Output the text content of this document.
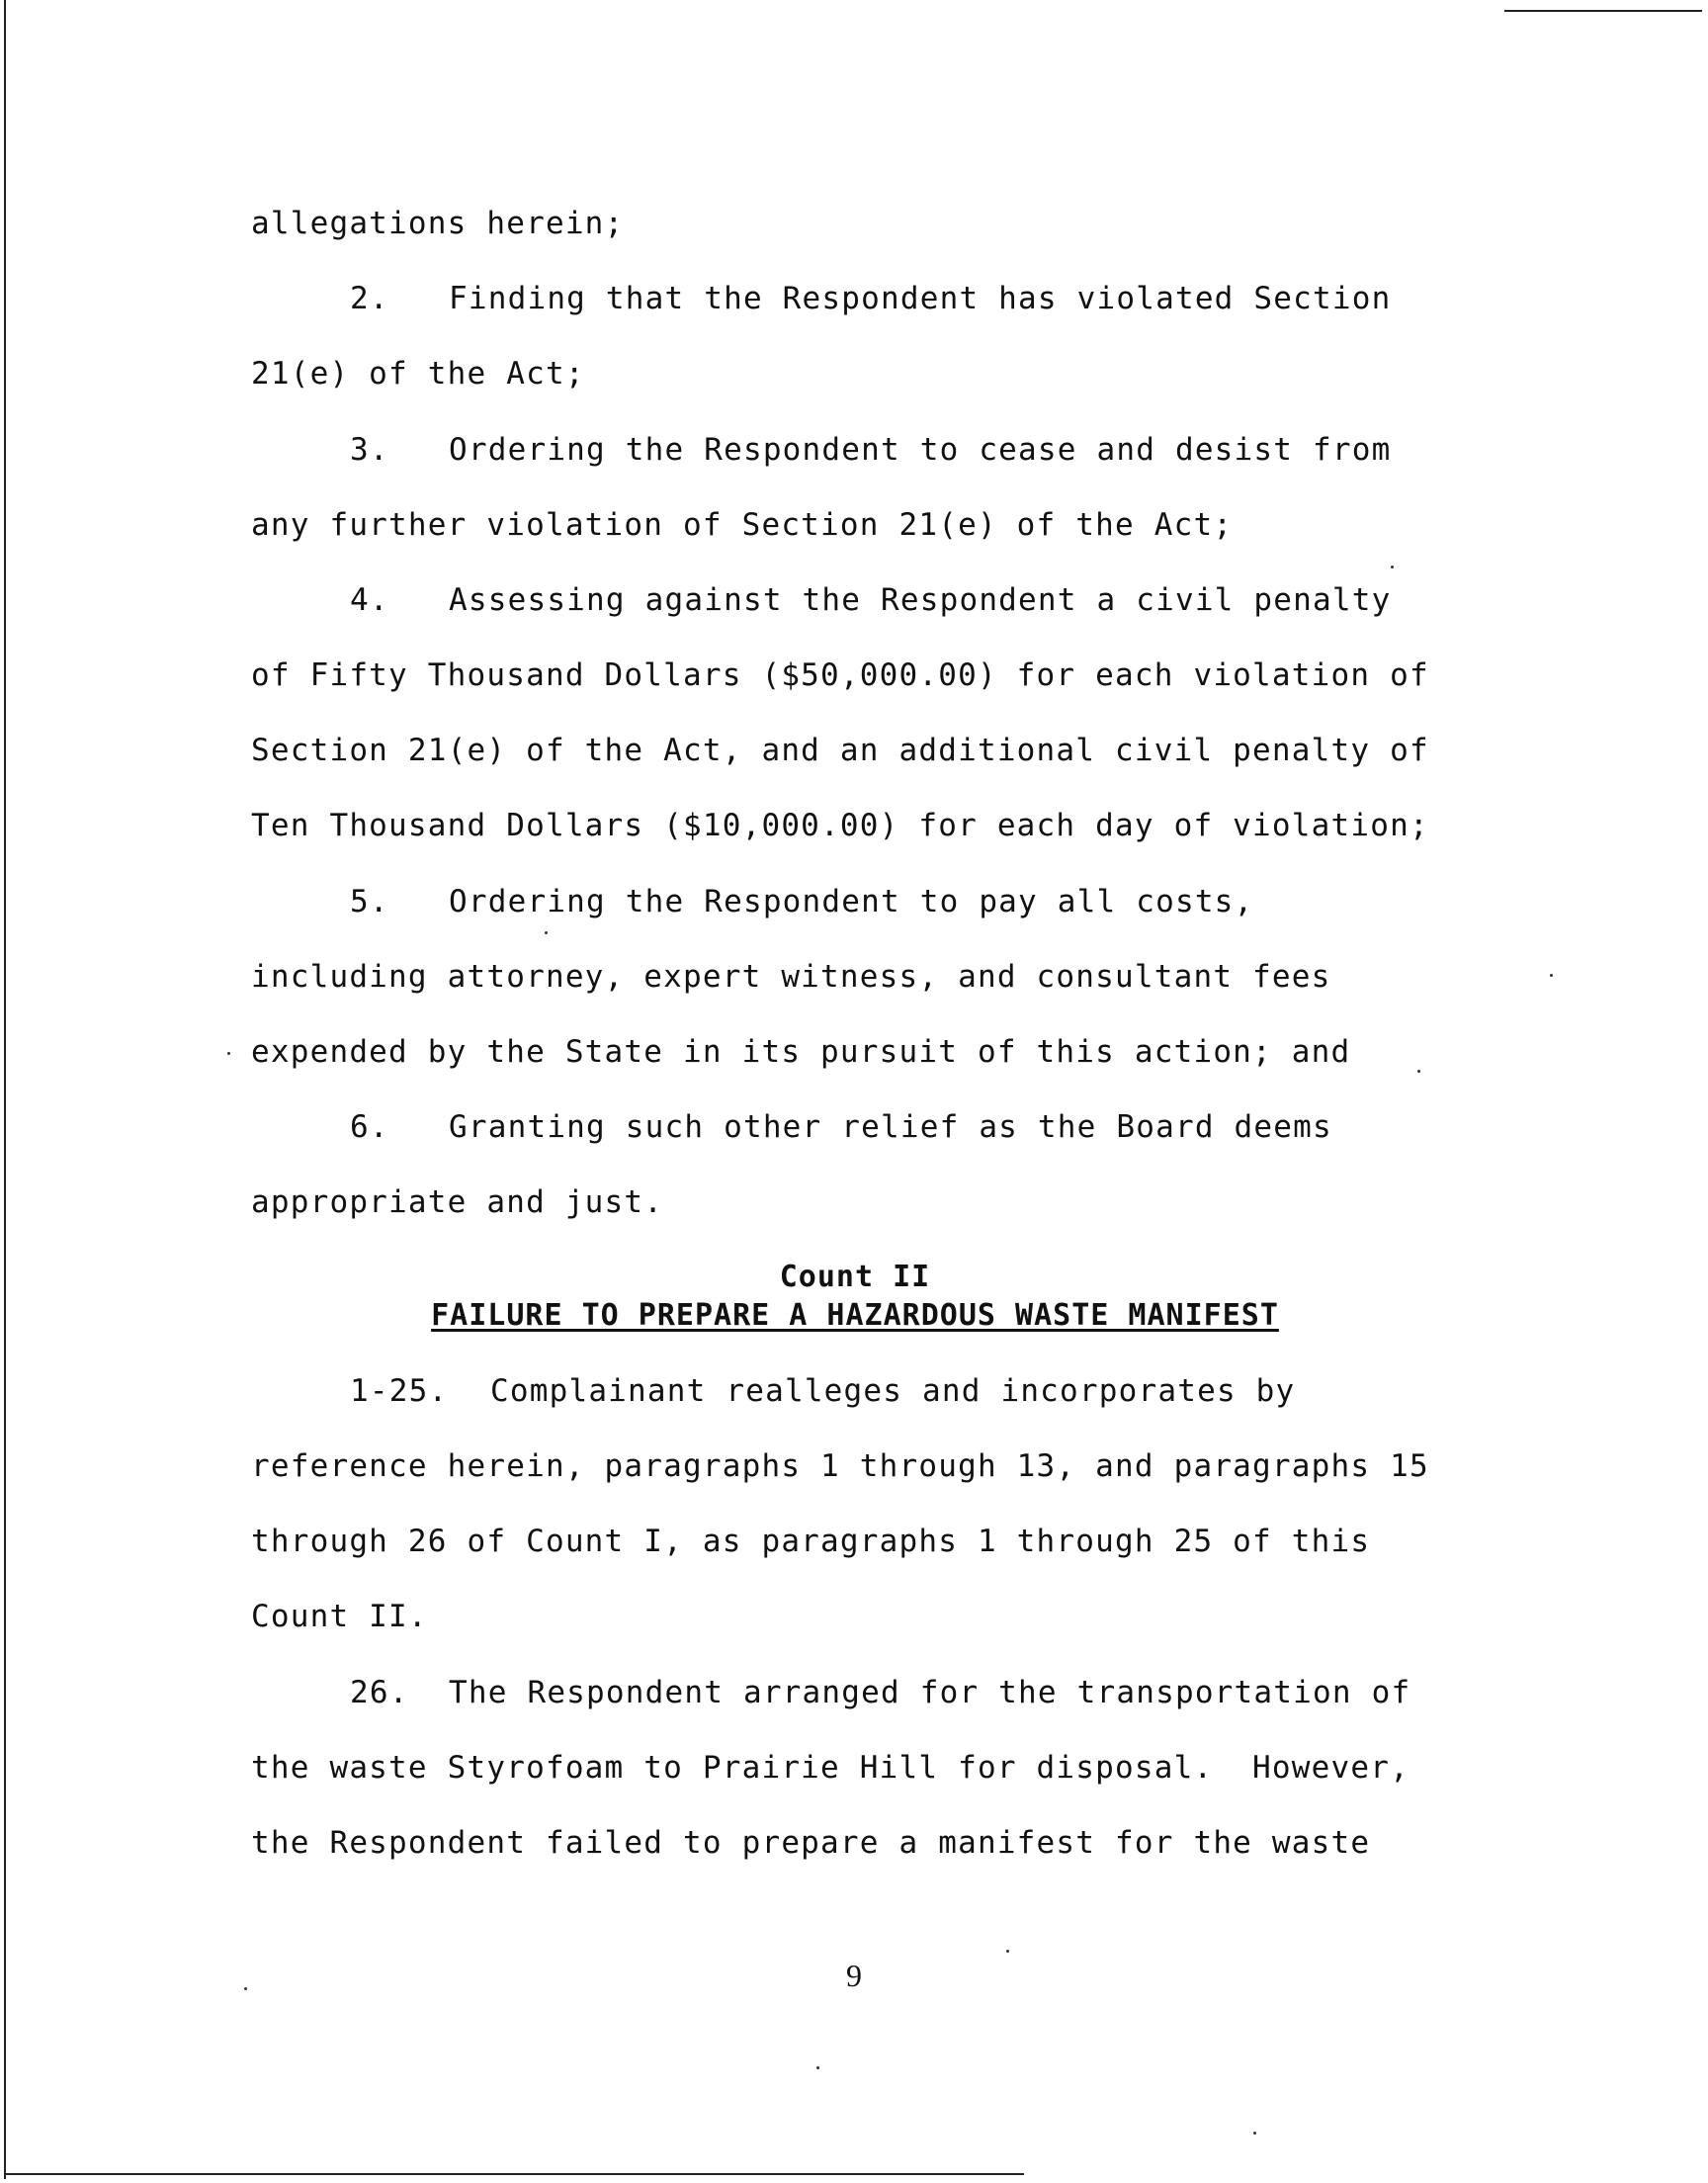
allegations herein;
2. Finding that the Respondent has violated Section
21(e) of the Act;
3. Ordering the Respondent to cease and desist from
any further violation of Section 21(e) of the Act;
4. Assessing against the Respondent a civil penalty
of Fifty Thousand Dollars ($50,000.00) for each violation of
Section 21(e) of the Act, and an additional civil penalty of
Ten Thousand Dollars ($10,000.00) for each day of violation;
5. Ordering the Respondent to pay all costs,
including attorney, expert witness, and consultant fees
expended by the State in its pursuit of this action; and
6. Granting such other relief as the Board deems
appropriate and just.
Count II
FAILURE TO PREPARE A HAZARDOUS WASTE MANIFEST
1-25. Complainant realleges and incorporates by
reference herein, paragraphs 1 through 13, and paragraphs 15
through 26 of Count I, as paragraphs 1 through 25 of this
Count II.
26. The Respondent arranged for the transportation of
the waste Styrofoam to Prairie Hill for disposal.  However,
the Respondent failed to prepare a manifest for the waste
9
